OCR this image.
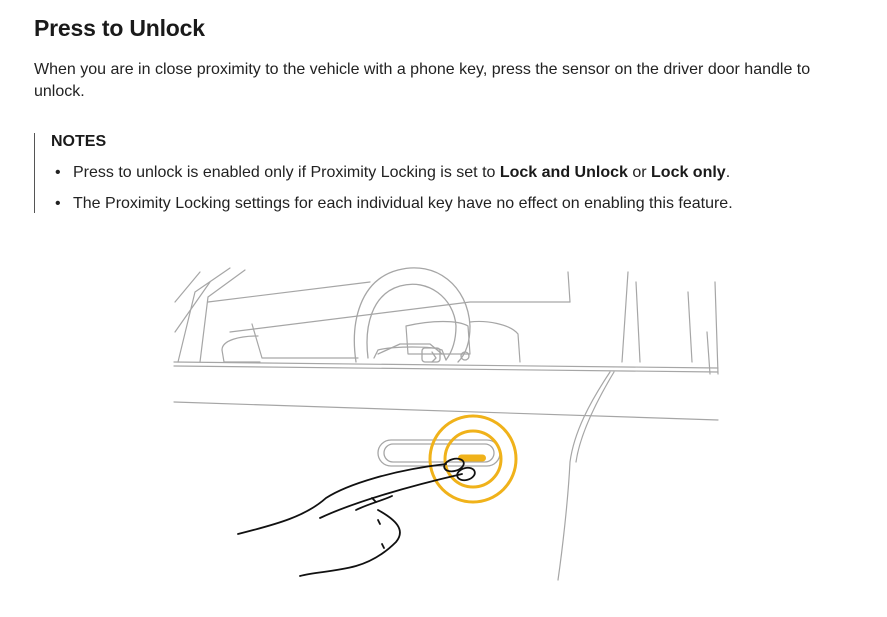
Press to Unlock

When you are in close proximity to the vehicle with a phone key, press the sensor on the driver door handle to unlock.

NOTES

• Press to unlock is enabled only if Proximity Locking is set to Lock and Unlock or Lock only.
• The Proximity Locking settings for each individual key have no effect on enabling this feature.
